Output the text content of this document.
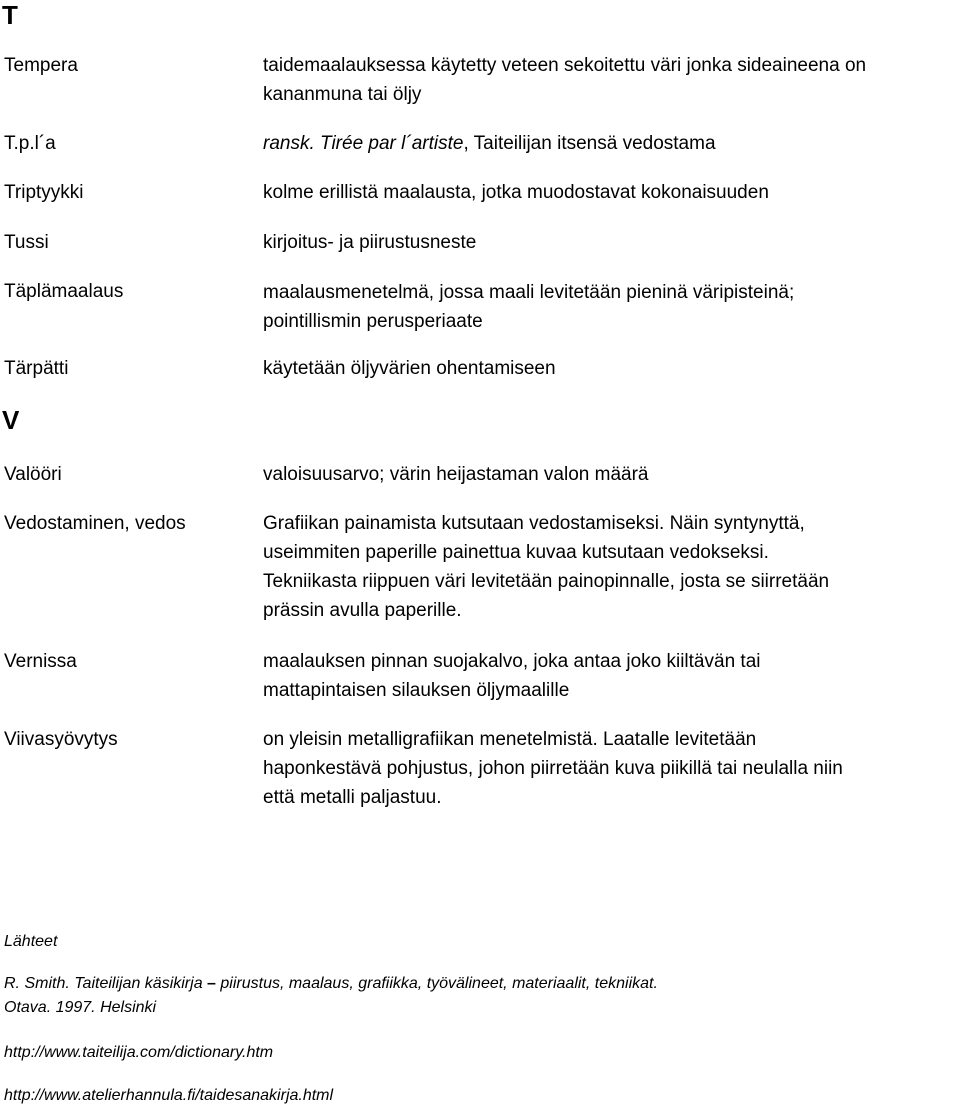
T
Tempera	taidemaalauksessa käytetty veteen sekoitettu väri jonka sideaineena on
kananmuna tai öljy
T.p.l´a	ransk. Tirée par l´artiste, Taiteilijan itsensä vedostama
Triptyykki	kolme erillistä maalausta, jotka muodostavat kokonaisuuden
Tussi	kirjoitus- ja piirustusneste
Täplämaalaus	maalausmenetelmä, jossa maali levitetään pieninä väripisteinä;
pointillismin perusperiaate
Tärpätti	käytetään öljyvärien ohentamiseen
V
Valööri	valoisuusarvo; värin heijastaman valon määrä
Vedostaminen, vedos	Grafiikan painamista kutsutaan vedostamiseksi. Näin syntynyttä,
useimmiten paperille painettua kuvaa kutsutaan vedokseksi.
Tekniikasta riippuen väri levitetään painopinnalle, josta se siirretään
prässin avulla paperille.
Vernissa	maalauksen pinnan suojakalvo, joka antaa joko kiiltävän tai
mattapintaisen silauksen öljymaalille
Viivasyövytys	on yleisin metalligrafiikan menetelmistä. Laatalle levitetään
haponkestävä pohjustus, johon piirretään kuva piikillä tai neulalla niin
että metalli paljastuu.
Lähteet
R. Smith. Taiteilijan käsikirja – piirustus, maalaus, grafiikka, työvälineet, materiaalit, tekniikat.
Otava. 1997. Helsinki
http://www.taiteilija.com/dictionary.htm
http://www.atelierhannula.fi/taidesanakirja.html
